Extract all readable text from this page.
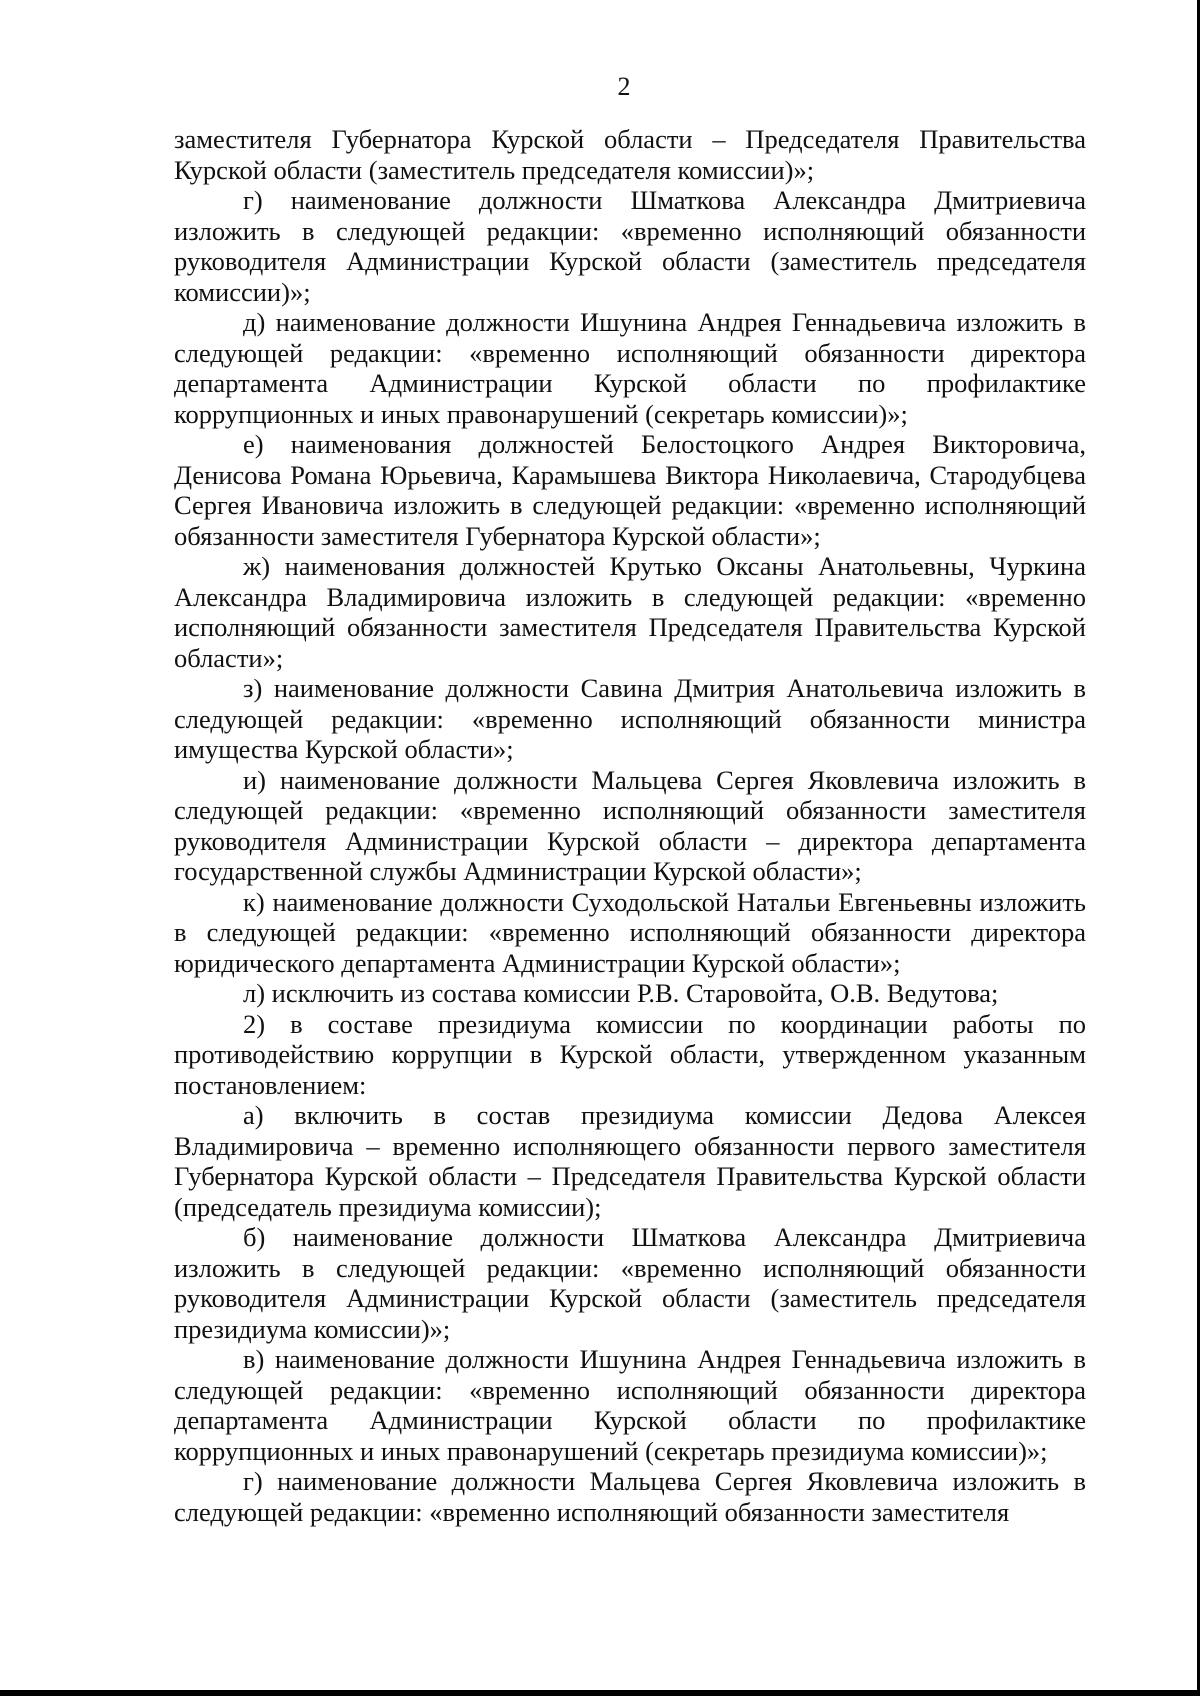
2

заместителя Губернатора Курской области – Председателя Правительства Курской области (заместитель председателя комиссии)»;

г) наименование должности Шматкова Александра Дмитриевича изложить в следующей редакции: «временно исполняющий обязанности руководителя Администрации Курской области (заместитель председателя комиссии)»;

д) наименование должности Ишунина Андрея Геннадьевича изложить в следующей редакции: «временно исполняющий обязанности директора департамента Администрации Курской области по профилактике коррупционных и иных правонарушений (секретарь комиссии)»;

е) наименования должностей Белостоцкого Андрея Викторовича, Денисова Романа Юрьевича, Карамышева Виктора Николаевича, Стародубцева Сергея Ивановича изложить в следующей редакции: «временно исполняющий обязанности заместителя Губернатора Курской области»;

ж) наименования должностей Крутько Оксаны Анатольевны, Чуркина Александра Владимировича изложить в следующей редакции: «временно исполняющий обязанности заместителя Председателя Правительства Курской области»;

з) наименование должности Савина Дмитрия Анатольевича изложить в следующей редакции: «временно исполняющий обязанности министра имущества Курской области»;

и) наименование должности Мальцева Сергея Яковлевича изложить в следующей редакции: «временно исполняющий обязанности заместителя руководителя Администрации Курской области – директора департамента государственной службы Администрации Курской области»;

к) наименование должности Суходольской Натальи Евгеньевны изложить в следующей редакции: «временно исполняющий обязанности директора юридического департамента Администрации Курской области»;

л) исключить из состава комиссии Р.В. Старовойта, О.В. Ведутова;

2) в составе президиума комиссии по координации работы по противодействию коррупции в Курской области, утвержденном указанным постановлением:

а) включить в состав президиума комиссии Дедова Алексея Владимировича – временно исполняющего обязанности первого заместителя Губернатора Курской области – Председателя Правительства Курской области (председатель президиума комиссии);

б) наименование должности Шматкова Александра Дмитриевича изложить в следующей редакции: «временно исполняющий обязанности руководителя Администрации Курской области (заместитель председателя президиума комиссии)»;

в) наименование должности Ишунина Андрея Геннадьевича изложить в следующей редакции: «временно исполняющий обязанности директора департамента Администрации Курской области по профилактике коррупционных и иных правонарушений (секретарь президиума комиссии)»;

г) наименование должности Мальцева Сергея Яковлевича изложить в следующей редакции: «временно исполняющий обязанности заместителя
